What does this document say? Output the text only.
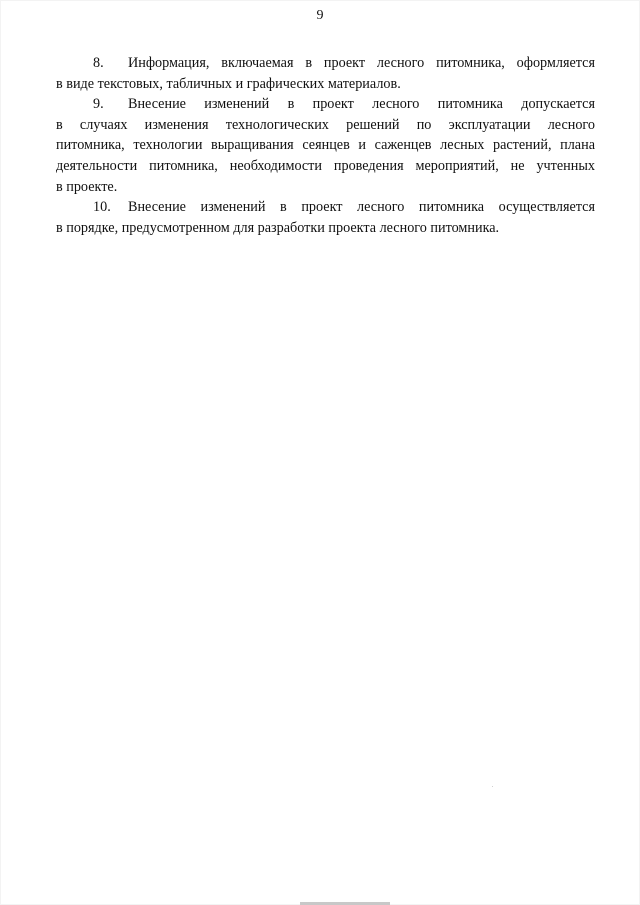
9

8. Информация, включаемая в проект лесного питомника, оформляется
в виде текстовых, табличных и графических материалов.

9. Внесение изменений в проект лесного питомника допускается
в случаях изменения технологических решений по эксплуатации лесного
питомника, технологии выращивания сеянцев и саженцев лесных растений, плана
деятельности питомника, необходимости проведения мероприятий, не учтенных
в проекте.

10. Внесение изменений в проект лесного питомника осуществляется
в порядке, предусмотренном для разработки проекта лесного питомника.
